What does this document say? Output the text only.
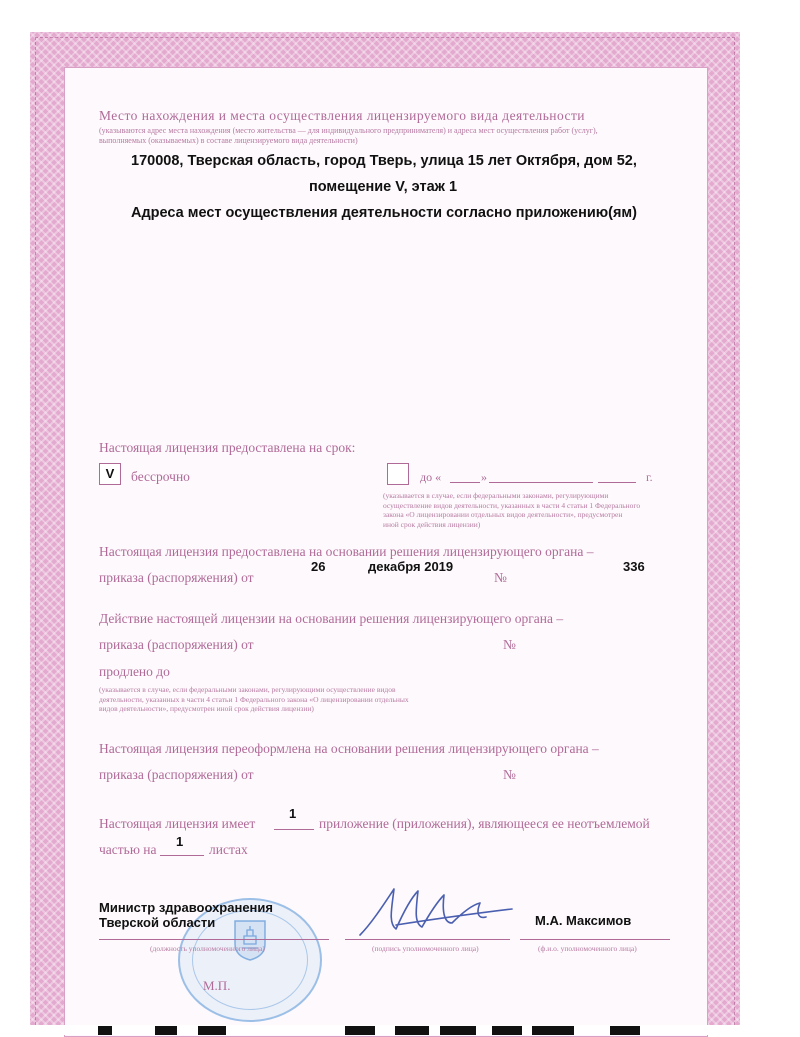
Место нахождения и места осуществления лицензируемого вида деятельности
(указываются адрес места нахождения (место жительства — для индивидуального предпринимателя) и адреса мест осуществления работ (услуг),
выполняемых (оказываемых) в составе лицензируемого вида деятельности)
170008, Тверская область, город Тверь, улица 15 лет Октября, дом 52,
помещение V, этаж 1
Адреса мест осуществления деятельности согласно приложению(ям)
Настоящая лицензия предоставлена на срок:
V	бессрочно	до «	»	г.
(указывается в случае, если федеральными законами, регулирующими
осуществление видов деятельности, указанных в части 4 статьи 1 Федерального
закона «О лицензировании отдельных видов деятельности», предусмотрен
иной срок действия лицензии)
Настоящая лицензия предоставлена на основании решения лицензирующего органа –
приказа (распоряжения) от
26	декабря 2019
№
336
Действие настоящей лицензии на основании решения лицензирующего органа –
приказа (распоряжения) от	№
продлено до
(указывается в случае, если федеральными законами, регулирующими осуществление видов
деятельности, указанных в части 4 статьи 1 Федерального закона «О лицензировании отдельных
видов деятельности», предусмотрен иной срок действия лицензии)
Настоящая лицензия переоформлена на основании решения лицензирующего органа –
приказа (распоряжения) от	№
Настоящая лицензия имеет
1
приложение (приложения), являющееся ее неотъемлемой
частью на
1
листах
Министр здравоохранения
Тверской области
(должность уполномоченного лица)	(подпись уполномоченного лица)
М.А. Максимов
(ф.и.о. уполномоченного лица)
М.П.
